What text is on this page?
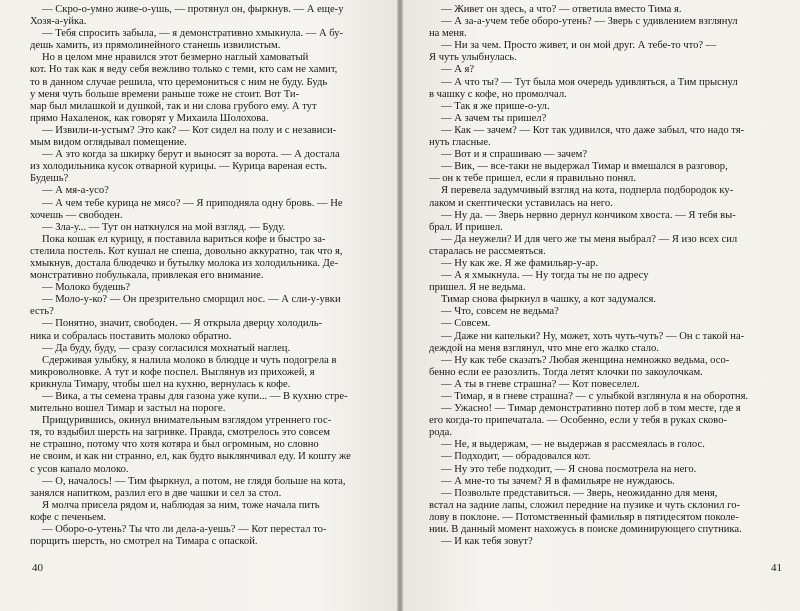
— Скро-о-умно живе-о-ушь, — протянул он, фыркнув. — А еще-у
Хозя-а-уйка.
— Тебя спросить забыла, — я демонстративно хмыкнула. — А бу-
дешь хамить, из прямолинейного станешь извилистым.
Но в целом мне нравился этот безмерно наглый хамоватый
кот. Но так как я веду себя вежливо только с теми, кто сам не хамит,
то в данном случае решила, что церемониться с ним не буду. Будь
у меня чуть больше времени раньше тоже не стоит. Вот Ти-
мар был милашкой и душкой, так и ни слова грубого ему. А тут
прямо Нахаленок, как говорят у Михаила Шолохова.
— Извили-и-устым? Это как? — Кот сидел на полу и с независи-
мым видом оглядывал помещение.
— А это когда за шкирку берут и выносят за ворота. — А достала
из холодильника кусок отварной курицы. — Курица вареная есть.
Будешь?
— А мя-а-усо?
— А чем тебе курица не мясо? — Я приподняла одну бровь. — Не
хочешь — свободен.
— Зла-у... — Тут он наткнулся на мой взгляд. — Буду.
Пока кошак ел курицу, я поставила вариться кофе и быстро за-
стелила постель. Кот кушал не спеша, довольно аккуратно, так что я,
хмыкнув, достала блюдечко и бутылку молока из холодильника. Де-
монстративно побулькала, привлекая его внимание.
— Молоко будешь?
— Моло-у-ко? — Он презрительно сморщил нос. — А сли-у-увки
есть?
— Понятно, значит, свободен. — Я открыла дверцу холодиль-
ника и собралась поставить молоко обратно.
— Да буду, буду, — сразу согласился мохнатый наглец.
Сдерживая улыбку, я налила молоко в блюдце и чуть подогрела в
микроволновке. А тут и кофе поспел. Выглянув из прихожей, я
крикнула Тимару, чтобы шел на кухню, вернулась к кофе.
— Вика, а ты семена травы для газона уже купи... — В кухню стре-
мительно вошел Тимар и застыл на пороге.
Прищурившись, окинул внимательным взглядом утреннего гос-
тя, то вздыбил шерсть на загривке. Правда, смотрелось это совсем
не страшно, потому что хотя котяра и был огромным, но словно
не своим, и как ни странно, ел, как будто выклянчивал еду. И кошту же
с усов капало молоко.
— О, началось! — Тим фыркнул, а потом, не глядя больше на кота,
занялся напитком, разлил его в две чашки и сел за стол.
Я молча присела рядом и, наблюдая за ним, тоже начала пить
кофе с печеньем.
— Оборо-о-утень? Ты что ли дела-а-уешь? — Кот перестал то-
порщить шерсть, но смотрел на Тимара с опаской.
40
— Живет он здесь, а что? — ответила вместо Тима я.
— А за-а-учем тебе оборо-утень? — Зверь с удивлением взглянул
на меня.
— Ни за чем. Просто живет, и он мой друг. А тебе-то что? —
Я чуть улыбнулась.
— А я?
— А что ты? — Тут была моя очередь удивляться, а Тим прыснул
в чашку с кофе, но промолчал.
— Так я же прише-о-ул.
— А зачем ты пришел?
— Как — зачем? — Кот так удивился, что даже забыл, что надо тя-
нуть гласные.
— Вот и я спрашиваю — зачем?
— Вик, — все-таки не выдержал Тимар и вмешался в разговор,
— он к тебе пришел, если я правильно понял.
Я перевела задумчивый взгляд на кота, подперла подбородок ку-
лаком и скептически уставилась на него.
— Ну да. — Зверь нервно дернул кончиком хвоста. — Я тебя вы-
брал. И пришел.
— Да неужели? И для чего же ты меня выбрал? — Я изо всех сил
старалась не рассмеяться.
— Ну как же. Я же фамильяр-у-ар.
— А я хмыкнула. — Ну тогда ты не по адресу
пришел. Я не ведьма.
Тимар снова фыркнул в чашку, а кот задумался.
— Что, совсем не ведьма?
— Совсем.
— Даже ни капельки? Ну, может, хоть чуть-чуть? — Он с такой на-
деждой на меня взглянул, что мне его жалко стало.
— Ну как тебе сказать? Любая женщина немножко ведьма, осо-
бенно если ее разозлить. Тогда летят клочки по закоулочкам.
— А ты в гневе страшна? — Кот повеселел.
— Тимар, я в гневе страшна? — с улыбкой взглянула я на оборотня.
— Ужасно! — Тимар демонстративно потер лоб в том месте, где я
его когда-то припечатала. — Особенно, если у тебя в руках сково-
рода.
— Не, я выдержам, — не выдержав я рассмеялась в голос.
— Подходит, — обрадовался кот.
— Ну это тебе подходит, — Я снова посмотрела на него.
— А мне-то ты зачем? Я в фамильяре не нуждаюсь.
— Позвольте представиться. — Зверь, неожиданно для меня,
встал на задние лапы, сложил передние на пузике и чуть склонил го-
лову в поклоне. — Потомственный фамильяр в пятидесятом поколе-
нии. В данный момент нахожусь в поиске доминирующего спутника.
— И как тебя зовут?
41
